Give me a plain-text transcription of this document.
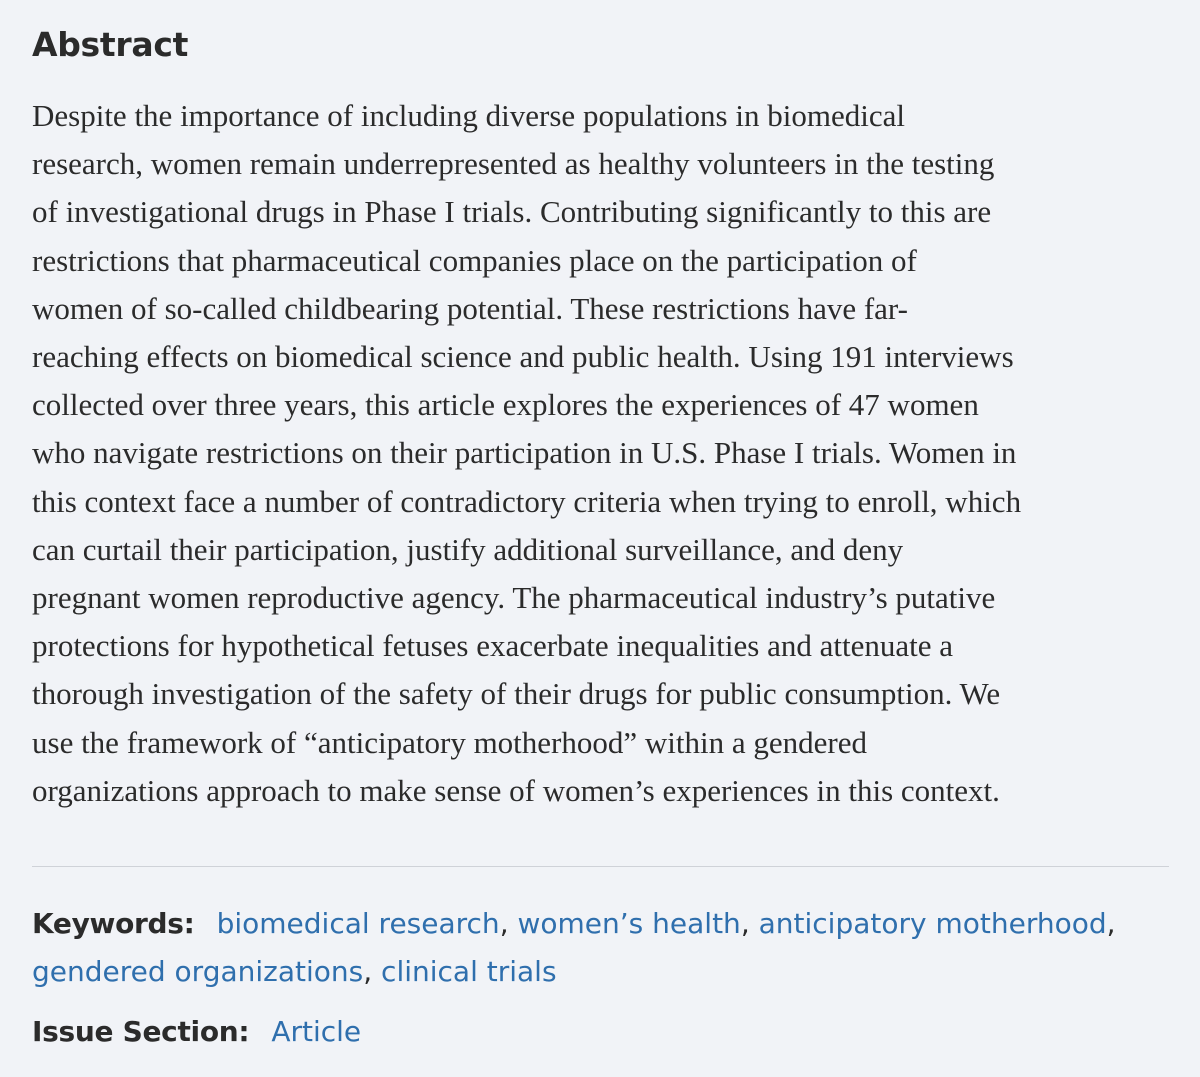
Abstract

Despite the importance of including diverse populations in biomedical
research, women remain underrepresented as healthy volunteers in the testing
of investigational drugs in Phase I trials. Contributing significantly to this are
restrictions that pharmaceutical companies place on the participation of
women of so-called childbearing potential. These restrictions have far-
reaching effects on biomedical science and public health. Using 191 interviews
collected over three years, this article explores the experiences of 47 women
who navigate restrictions on their participation in U.S. Phase I trials. Women in
this context face a number of contradictory criteria when trying to enroll, which
can curtail their participation, justify additional surveillance, and deny
pregnant women reproductive agency. The pharmaceutical industry’s putative
protections for hypothetical fetuses exacerbate inequalities and attenuate a
thorough investigation of the safety of their drugs for public consumption. We
use the framework of “anticipatory motherhood” within a gendered
organizations approach to make sense of women’s experiences in this context.

Keywords: biomedical research, women’s health, anticipatory motherhood, gendered organizations, clinical trials
Issue Section: Article
